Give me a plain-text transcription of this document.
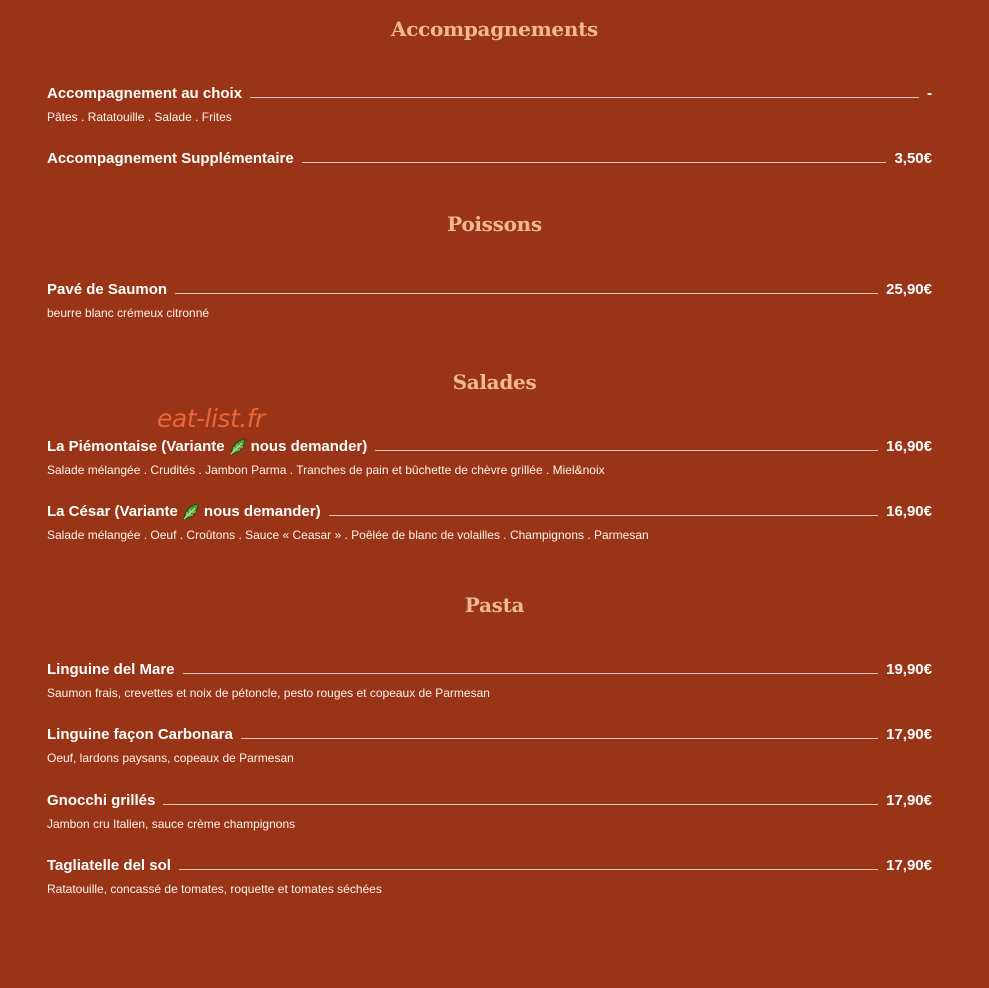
Accompagnements
Accompagnement au choix	-
Pâtes . Ratatouille . Salade . Frites
Accompagnement Supplémentaire	3,50€
Poissons
Pavé de Saumon	25,90€
beurre blanc crémeux citronné
Salades
eat-list.fr
La Piémontaise (Variante nous demander)	16,90€
Salade mélangée . Crudités . Jambon Parma . Tranches de pain et bûchette de chèvre grillée . Miel&noix
La César (Variante nous demander)	16,90€
Salade mélangée . Oeuf . Croûtons . Sauce « Ceasar » . Poêlée de blanc de volailles . Champignons . Parmesan
Pasta
Linguine del Mare	19,90€
Saumon frais, crevettes et noix de pétoncle, pesto rouges et copeaux de Parmesan
Linguine façon Carbonara	17,90€
Oeuf, lardons paysans, copeaux de Parmesan
Gnocchi grillés	17,90€
Jambon cru Italien, sauce crème champignons
Tagliatelle del sol	17,90€
Ratatouille, concassé de tomates, roquette et tomates séchées
